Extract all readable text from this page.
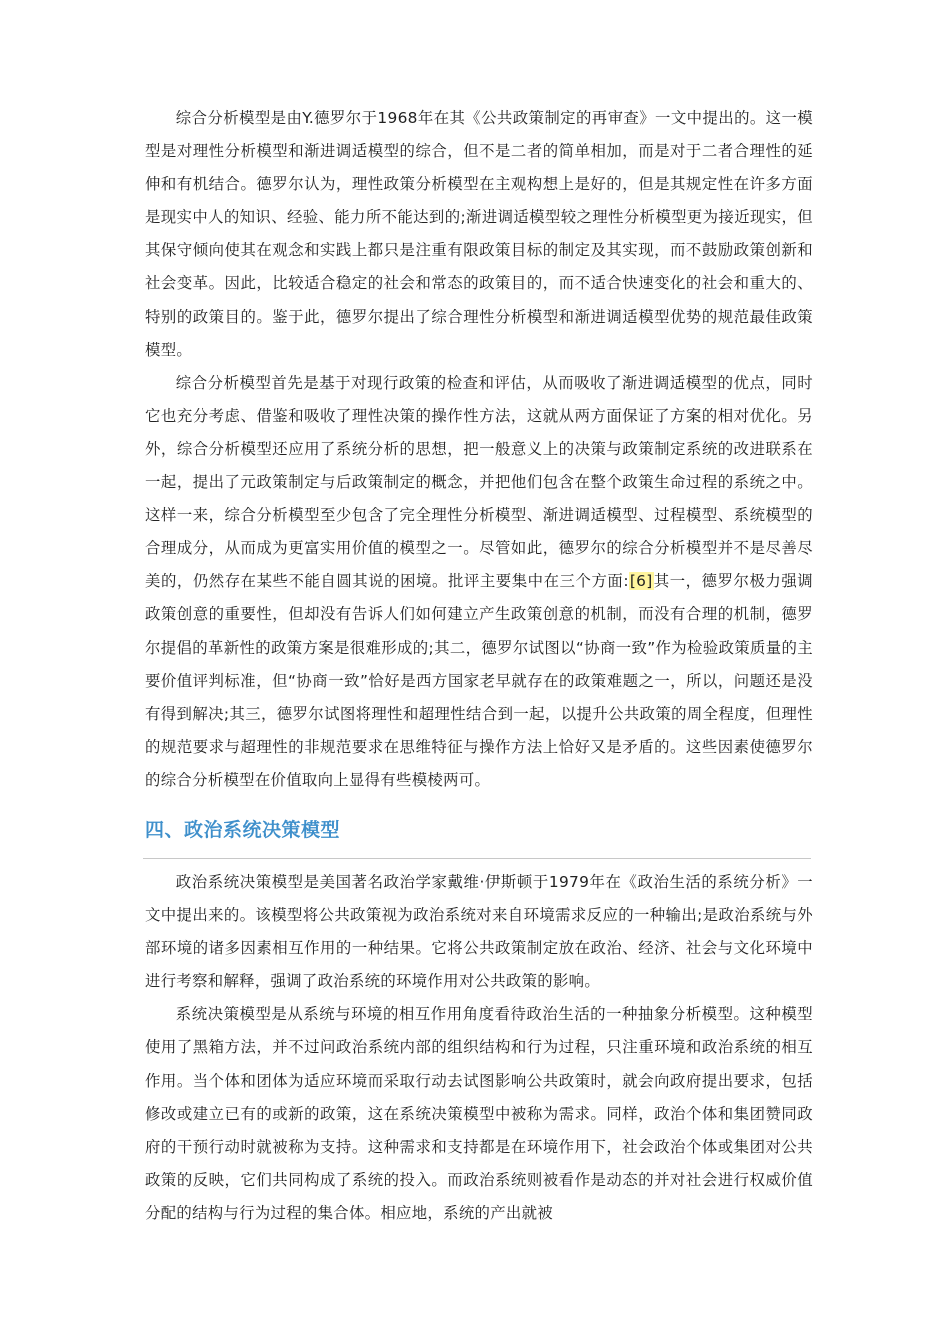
综合分析模型是由Y.德罗尔于1968年在其《公共政策制定的再审查》一文中提出的。这一模型是对理性分析模型和渐进调适模型的综合，但不是二者的简单相加，而是对于二者合理性的延伸和有机结合。德罗尔认为，理性政策分析模型在主观构想上是好的，但是其规定性在许多方面是现实中人的知识、经验、能力所不能达到的;渐进调适模型较之理性分析模型更为接近现实，但其保守倾向使其在观念和实践上都只是注重有限政策目标的制定及其实现，而不鼓励政策创新和社会变革。因此，比较适合稳定的社会和常态的政策目的，而不适合快速变化的社会和重大的、特别的政策目的。鉴于此，德罗尔提出了综合理性分析模型和渐进调适模型优势的规范最佳政策模型。

综合分析模型首先是基于对现行政策的检查和评估，从而吸收了渐进调适模型的优点，同时它也充分考虑、借鉴和吸收了理性决策的操作性方法，这就从两方面保证了方案的相对优化。另外，综合分析模型还应用了系统分析的思想，把一般意义上的决策与政策制定系统的改进联系在一起，提出了元政策制定与后政策制定的概念，并把他们包含在整个政策生命过程的系统之中。这样一来，综合分析模型至少包含了完全理性分析模型、渐进调适模型、过程模型、系统模型的合理成分，从而成为更富实用价值的模型之一。尽管如此，德罗尔的综合分析模型并不是尽善尽美的，仍然存在某些不能自圆其说的困境。批评主要集中在三个方面:[6]其一，德罗尔极力强调政策创意的重要性，但却没有告诉人们如何建立产生政策创意的机制，而没有合理的机制，德罗尔提倡的革新性的政策方案是很难形成的;其二，德罗尔试图以“协商一致”作为检验政策质量的主要价值评判标准，但“协商一致”恰好是西方国家老早就存在的政策难题之一，所以，问题还是没有得到解决;其三，德罗尔试图将理性和超理性结合到一起，以提升公共政策的周全程度，但理性的规范要求与超理性的非规范要求在思维特征与操作方法上恰好又是矛盾的。这些因素使德罗尔的综合分析模型在价值取向上显得有些模棱两可。

四、政治系统决策模型

政治系统决策模型是美国著名政治学家戴维·伊斯顿于1979年在《政治生活的系统分析》一文中提出来的。该模型将公共政策视为政治系统对来自环境需求反应的一种输出;是政治系统与外部环境的诸多因素相互作用的一种结果。它将公共政策制定放在政治、经济、社会与文化环境中进行考察和解释，强调了政治系统的环境作用对公共政策的影响。

系统决策模型是从系统与环境的相互作用角度看待政治生活的一种抽象分析模型。这种模型使用了黑箱方法，并不过问政治系统内部的组织结构和行为过程，只注重环境和政治系统的相互作用。当个体和团体为适应环境而采取行动去试图影响公共政策时，就会向政府提出要求，包括修改或建立已有的或新的政策，这在系统决策模型中被称为需求。同样，政治个体和集团赞同政府的干预行动时就被称为支持。这种需求和支持都是在环境作用下，社会政治个体或集团对公共政策的反映，它们共同构成了系统的投入。而政治系统则被看作是动态的并对社会进行权威价值分配的结构与行为过程的集合体。相应地，系统的产出就被
